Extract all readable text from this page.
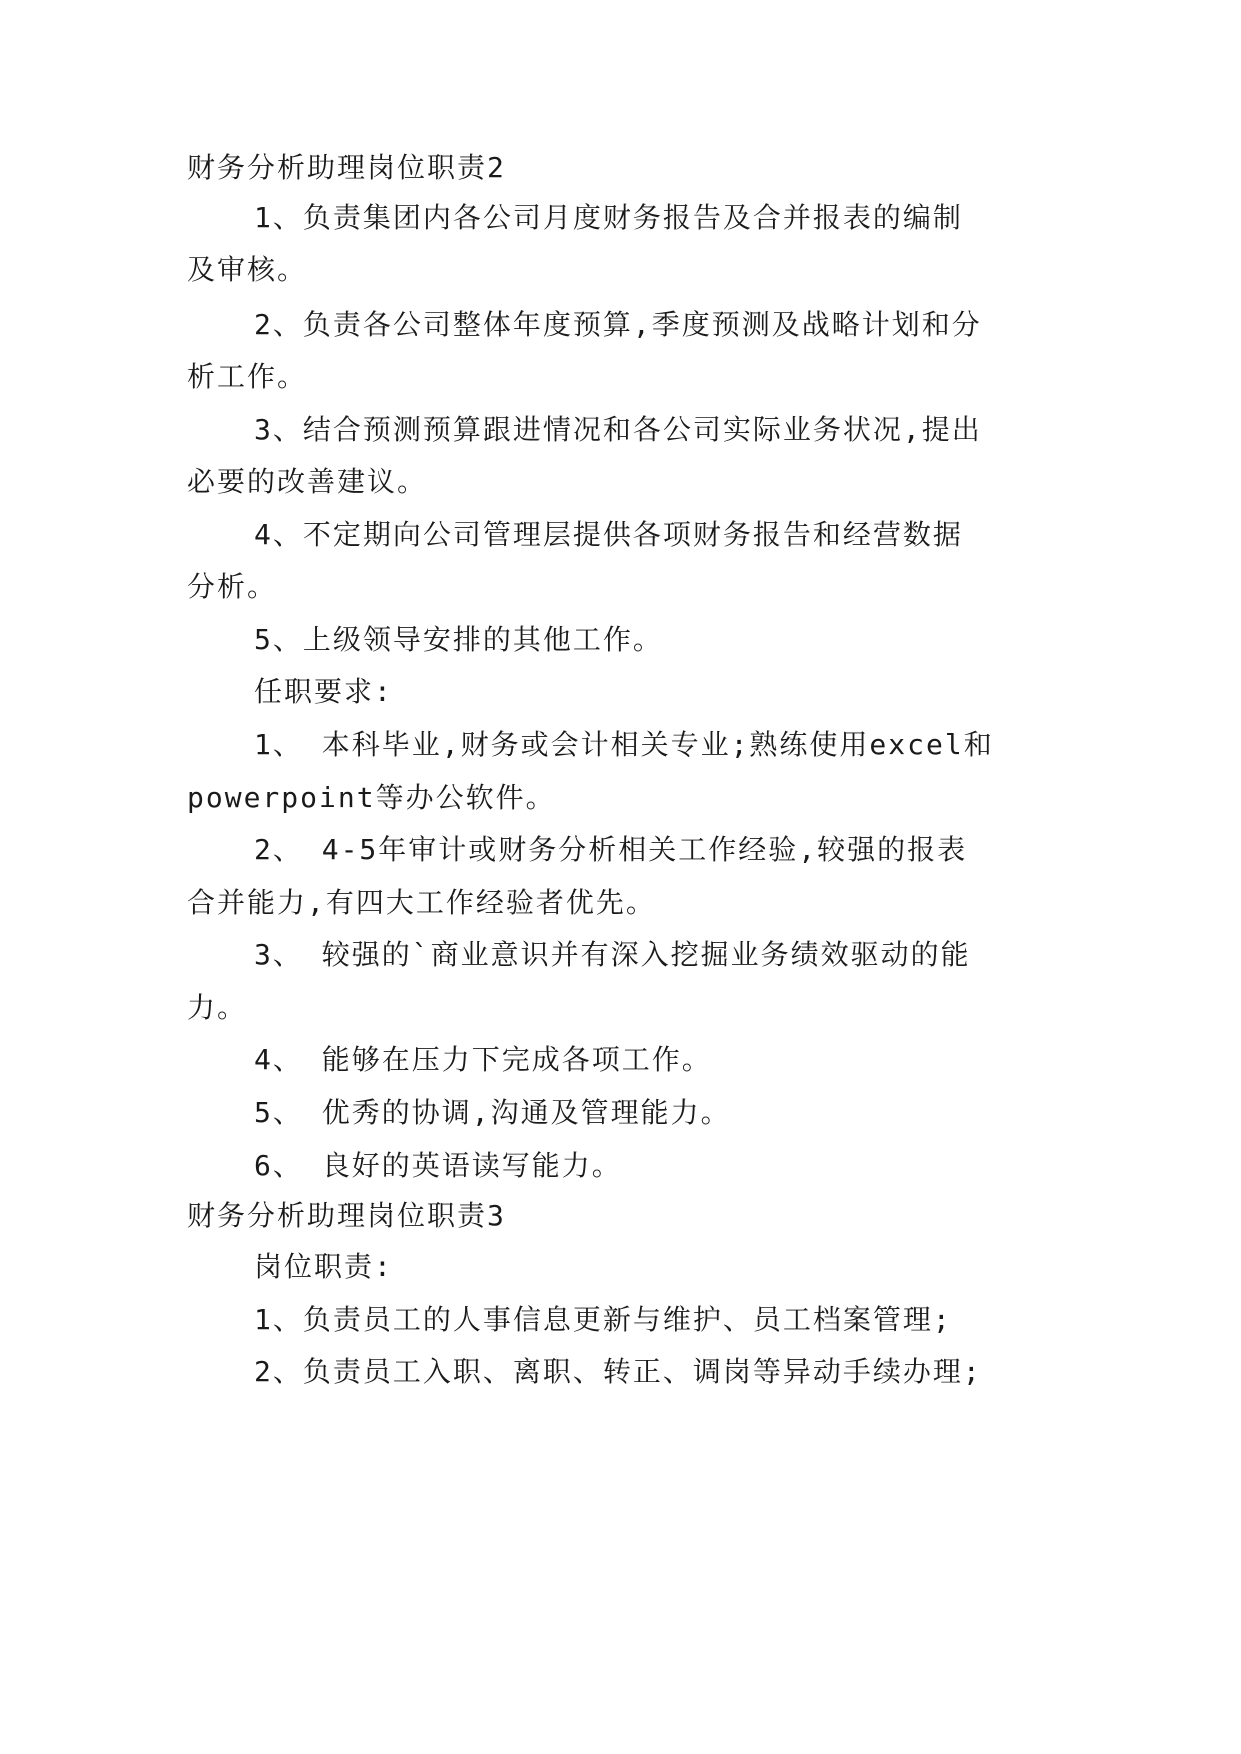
财务分析助理岗位职责2
1、负责集团内各公司月度财务报告及合并报表的编制
及审核。
2、负责各公司整体年度预算,季度预测及战略计划和分
析工作。
3、结合预测预算跟进情况和各公司实际业务状况,提出
必要的改善建议。
4、不定期向公司管理层提供各项财务报告和经营数据
分析。
5、上级领导安排的其他工作。
任职要求:
1、 本科毕业,财务或会计相关专业;熟练使用excel和
powerpoint等办公软件。
2、 4-5年审计或财务分析相关工作经验,较强的报表
合并能力,有四大工作经验者优先。
3、 较强的`商业意识并有深入挖掘业务绩效驱动的能
力。
4、 能够在压力下完成各项工作。
5、 优秀的协调,沟通及管理能力。
6、 良好的英语读写能力。
财务分析助理岗位职责3
岗位职责:
1、负责员工的人事信息更新与维护、员工档案管理;
2、负责员工入职、离职、转正、调岗等异动手续办理;
